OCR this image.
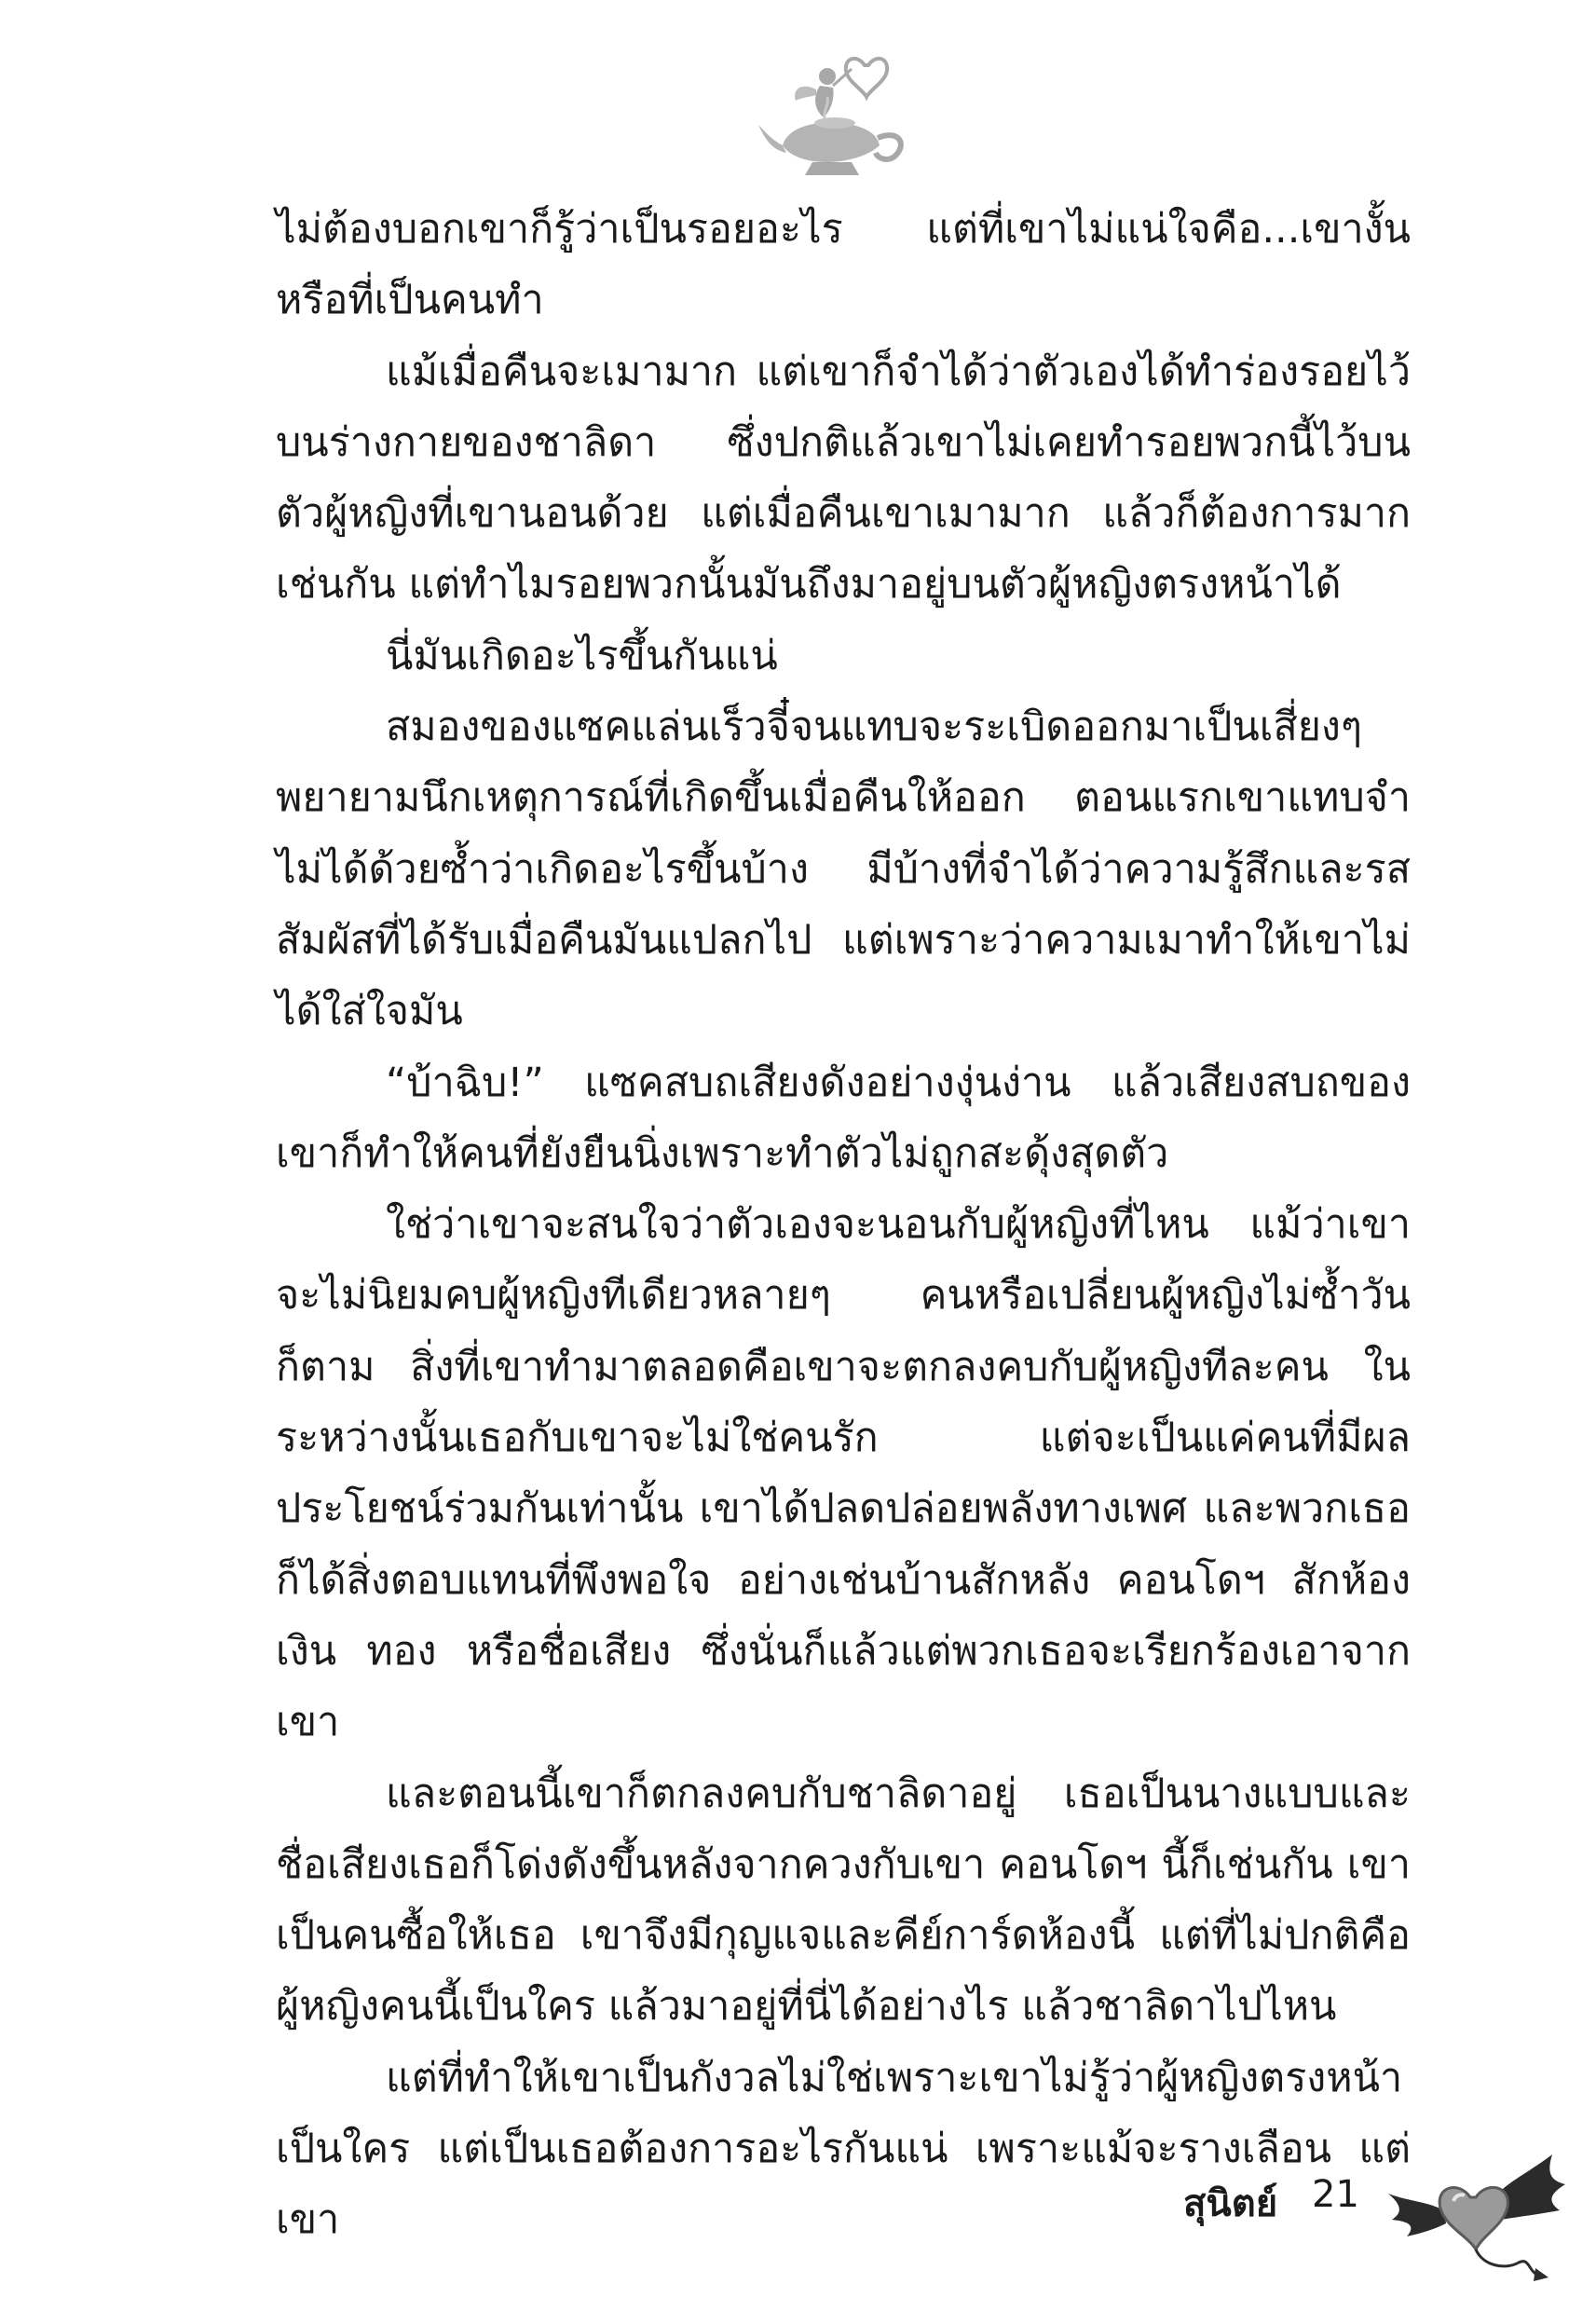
ไม่ต้องบอกเขาก็รู้ว่าเป็นรอยอะไร แต่ที่เขาไม่แน่ใจคือ...เขางั้นหรือที่เป็นคนทำ

แม้เมื่อคืนจะเมามาก แต่เขาก็จำได้ว่าตัวเองได้ทำร่องรอยไว้บนร่างกายของชาลิดา ซึ่งปกติแล้วเขาไม่เคยทำรอยพวกนี้ไว้บนตัวผู้หญิงที่เขานอนด้วย แต่เมื่อคืนเขาเมามาก แล้วก็ต้องการมากเช่นกัน แต่ทำไมรอยพวกนั้นมันถึงมาอยู่บนตัวผู้หญิงตรงหน้าได้

นี่มันเกิดอะไรขึ้นกันแน่

สมองของแซคแล่นเร็วจี๋จนแทบจะระเบิดออกมาเป็นเสี่ยงๆ พยายามนึกเหตุการณ์ที่เกิดขึ้นเมื่อคืนให้ออก ตอนแรกเขาแทบจำไม่ได้ด้วยซ้ำว่าเกิดอะไรขึ้นบ้าง มีบ้างที่จำได้ว่าความรู้สึกและรสสัมผัสที่ได้รับเมื่อคืนมันแปลกไป แต่เพราะว่าความเมาทำให้เขาไม่ได้ใส่ใจมัน

“บ้าฉิบ!” แซคสบถเสียงดังอย่างงุ่นง่าน แล้วเสียงสบถของเขาก็ทำให้คนที่ยังยืนนิ่งเพราะทำตัวไม่ถูกสะดุ้งสุดตัว

ใช่ว่าเขาจะสนใจว่าตัวเองจะนอนกับผู้หญิงที่ไหน แม้ว่าเขาจะไม่นิยมคบผู้หญิงทีเดียวหลายๆ คนหรือเปลี่ยนผู้หญิงไม่ซ้ำวันก็ตาม สิ่งที่เขาทำมาตลอดคือเขาจะตกลงคบกับผู้หญิงทีละคน ในระหว่างนั้นเธอกับเขาจะไม่ใช่คนรัก แต่จะเป็นแค่คนที่มีผลประโยชน์ร่วมกันเท่านั้น เขาได้ปลดปล่อยพลังทางเพศ และพวกเธอก็ได้สิ่งตอบแทนที่พึงพอใจ อย่างเช่นบ้านสักหลัง คอนโดฯ สักห้อง เงิน ทอง หรือชื่อเสียง ซึ่งนั่นก็แล้วแต่พวกเธอจะเรียกร้องเอาจากเขา

และตอนนี้เขาก็ตกลงคบกับชาลิดาอยู่ เธอเป็นนางแบบและชื่อเสียงเธอก็โด่งดังขึ้นหลังจากควงกับเขา คอนโดฯ นี้ก็เช่นกัน เขาเป็นคนซื้อให้เธอ เขาจึงมีกุญแจและคีย์การ์ดห้องนี้ แต่ที่ไม่ปกติคือผู้หญิงคนนี้เป็นใคร แล้วมาอยู่ที่นี่ได้อย่างไร แล้วชาลิดาไปไหน

แต่ที่ทำให้เขาเป็นกังวลไม่ใช่เพราะเขาไม่รู้ว่าผู้หญิงตรงหน้าเป็นใคร แต่เป็นเธอต้องการอะไรกันแน่ เพราะแม้จะรางเลือน แต่เขา	สุนิตย์ 21
